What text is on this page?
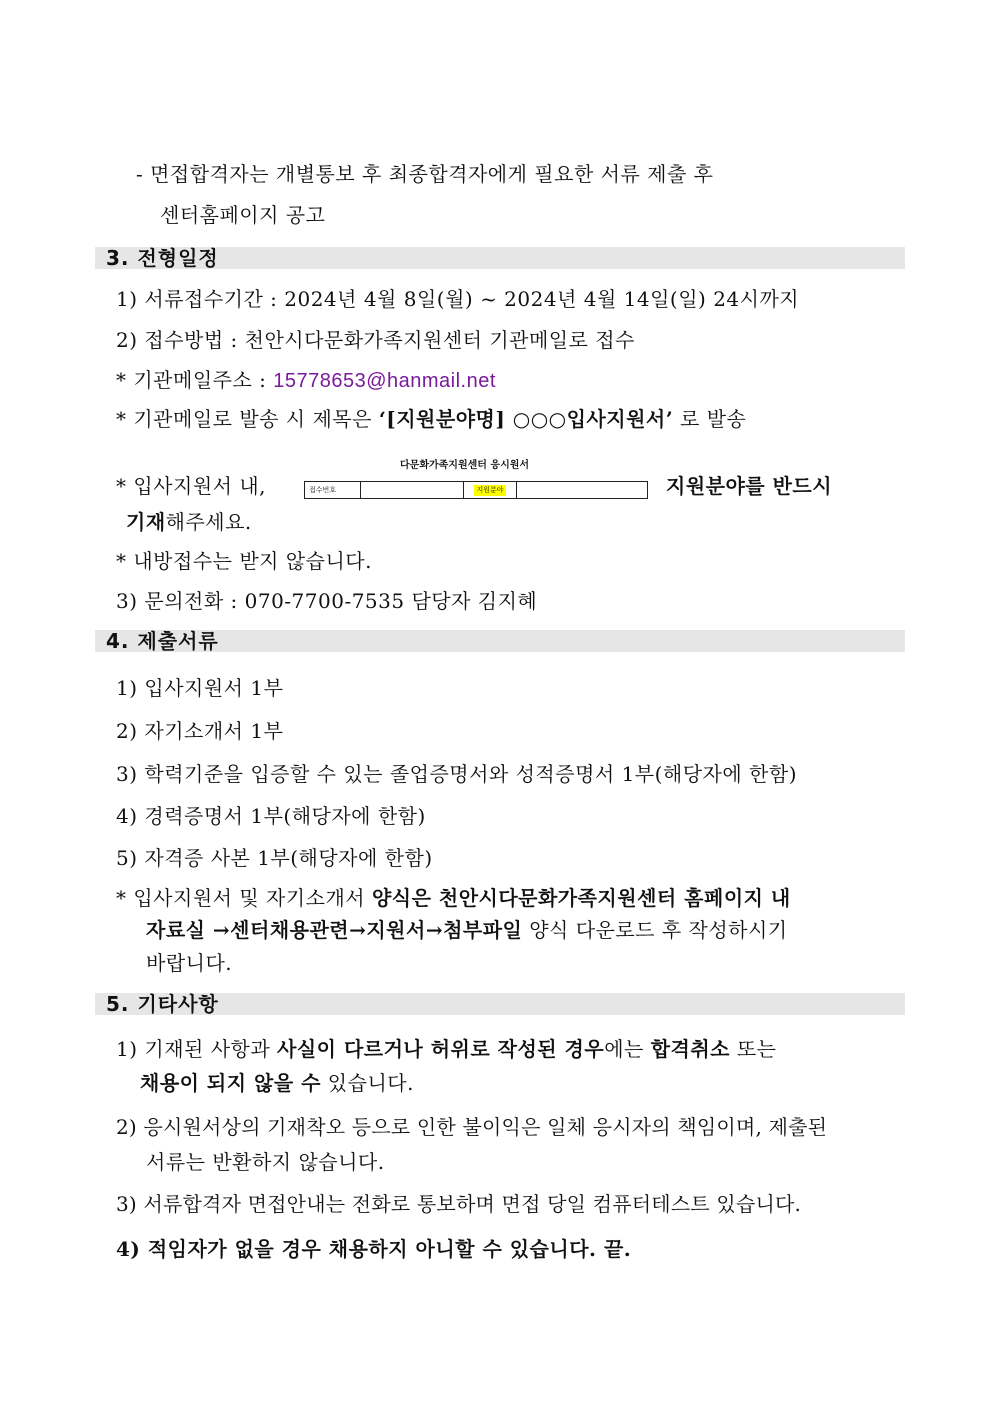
- 면접합격자는 개별통보 후 최종합격자에게 필요한 서류 제출 후
센터홈페이지 공고
3. 전형일정
1) 서류접수기간 : 2024년 4월 8일(월) ~ 2024년 4월 14일(일) 24시까지
2) 접수방법 : 천안시다문화가족지원센터 기관메일로 접수
* 기관메일주소 : 15778653@hanmail.net
* 기관메일로 발송 시 제목은 ‘[지원분야명] ○○○입사지원서’ 로 발송
* 입사지원서 내,
다문화가족지원센터 응시원서
접수번호	지원분야	지원분야를 반드시
기재해주세요.
* 내방접수는 받지 않습니다.
3) 문의전화 : 070-7700-7535 담당자 김지혜
4. 제출서류
1) 입사지원서 1부
2) 자기소개서 1부
3) 학력기준을 입증할 수 있는 졸업증명서와 성적증명서 1부(해당자에 한함)
4) 경력증명서 1부(해당자에 한함)
5) 자격증 사본 1부(해당자에 한함)
* 입사지원서 및 자기소개서 양식은 천안시다문화가족지원센터 홈페이지 내
자료실 →센터채용관련→지원서→첨부파일 양식 다운로드 후 작성하시기
바랍니다.
5. 기타사항
1) 기재된 사항과 사실이 다르거나 허위로 작성된 경우에는 합격취소 또는
채용이 되지 않을 수 있습니다.
2) 응시원서상의 기재착오 등으로 인한 불이익은 일체 응시자의 책임이며, 제출된
서류는 반환하지 않습니다.
3) 서류합격자 면접안내는 전화로 통보하며 면접 당일 컴퓨터테스트 있습니다.
4) 적임자가 없을 경우 채용하지 아니할 수 있습니다. 끝.
